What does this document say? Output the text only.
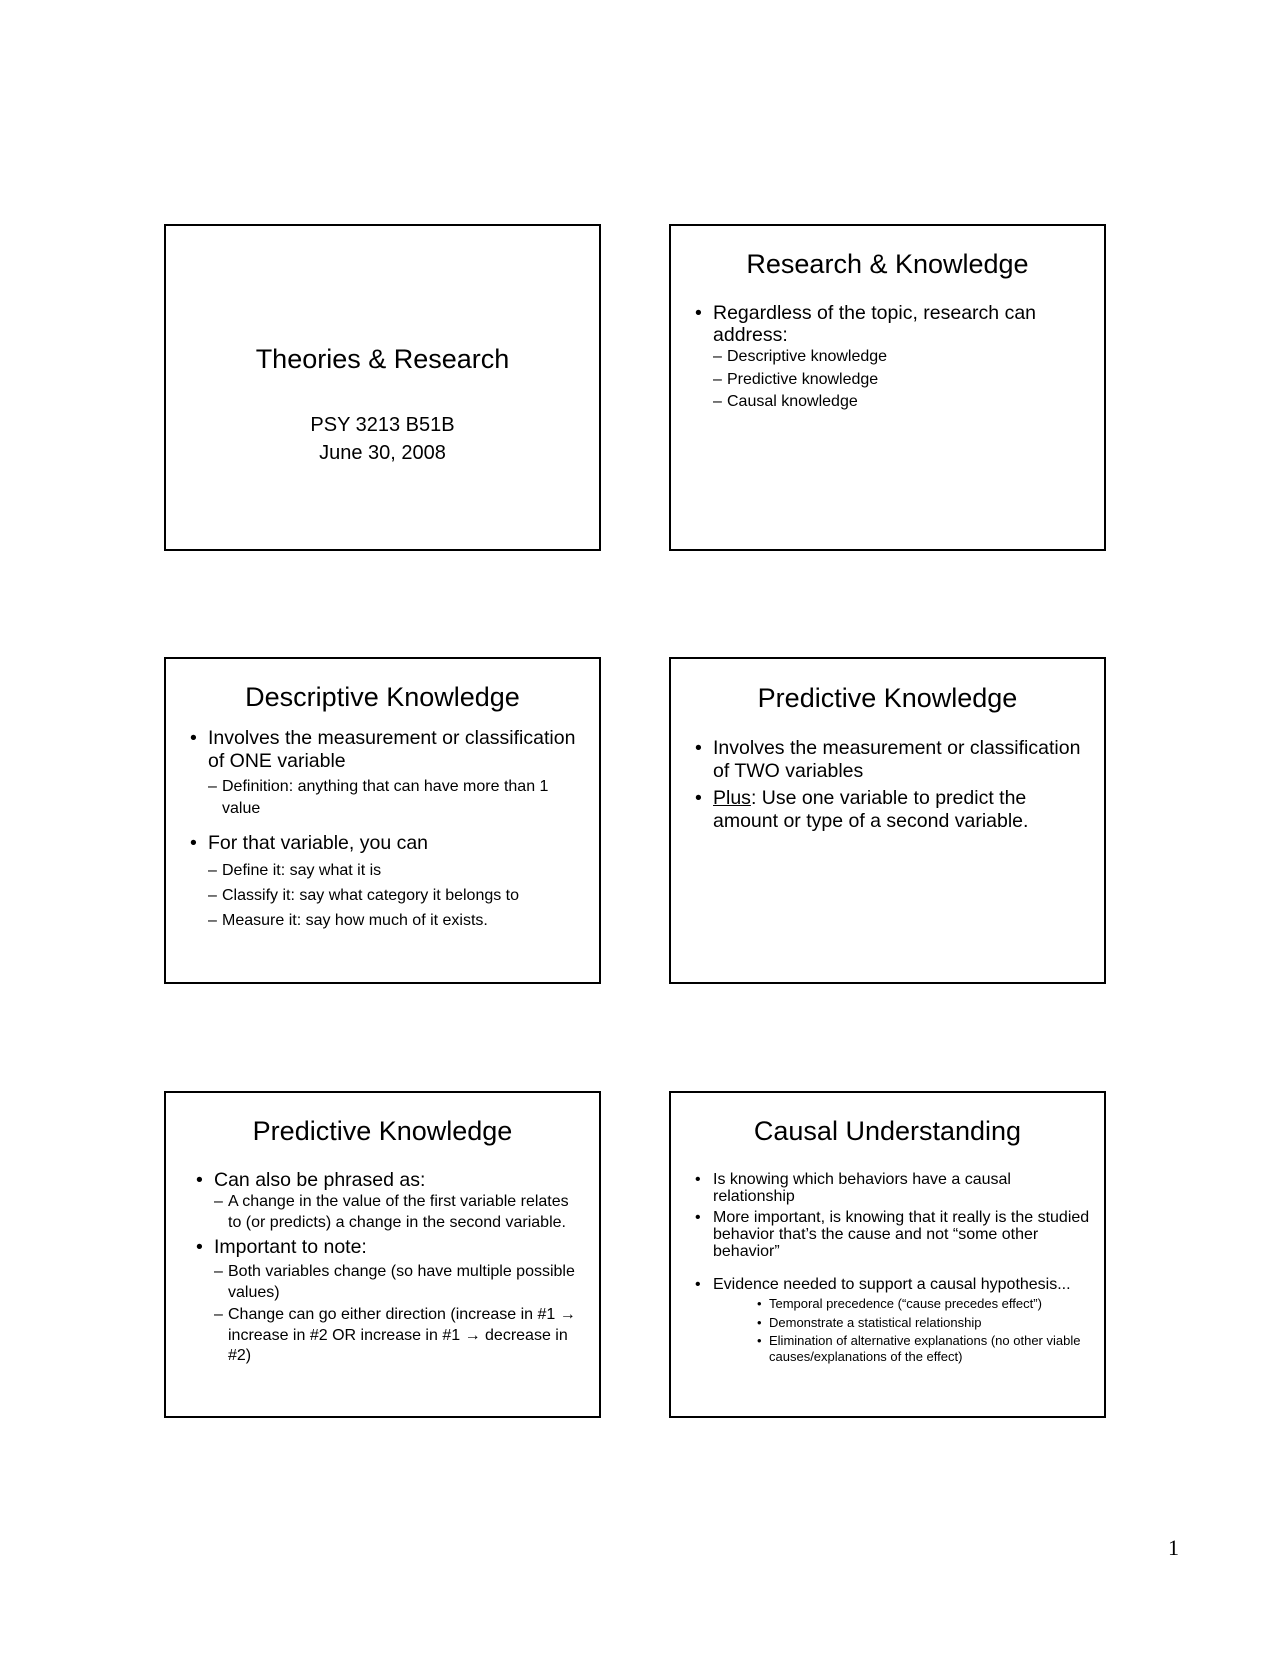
Theories & Research
PSY 3213 B51B
June 30, 2008
Research & Knowledge
• Regardless of the topic, research can address:
– Descriptive knowledge
– Predictive knowledge
– Causal knowledge
Descriptive Knowledge
• Involves the measurement or classification of ONE variable
– Definition: anything that can have more than 1 value
• For that variable, you can
– Define it: say what it is
– Classify it: say what category it belongs to
– Measure it: say how much of it exists.
Predictive Knowledge
• Involves the measurement or classification of TWO variables
• Plus: Use one variable to predict the amount or type of a second variable.
Predictive Knowledge
• Can also be phrased as:
– A change in the value of the first variable relates to (or predicts) a change in the second variable.
• Important to note:
– Both variables change (so have multiple possible values)
– Change can go either direction (increase in #1 → increase in #2 OR increase in #1 → decrease in #2)
Causal Understanding
• Is knowing which behaviors have a causal relationship
• More important, is knowing that it really is the studied behavior that’s the cause and not “some other behavior”
• Evidence needed to support a causal hypothesis...
• Temporal precedence (“cause precedes effect”)
• Demonstrate a statistical relationship
• Elimination of alternative explanations (no other viable causes/explanations of the effect)
1
